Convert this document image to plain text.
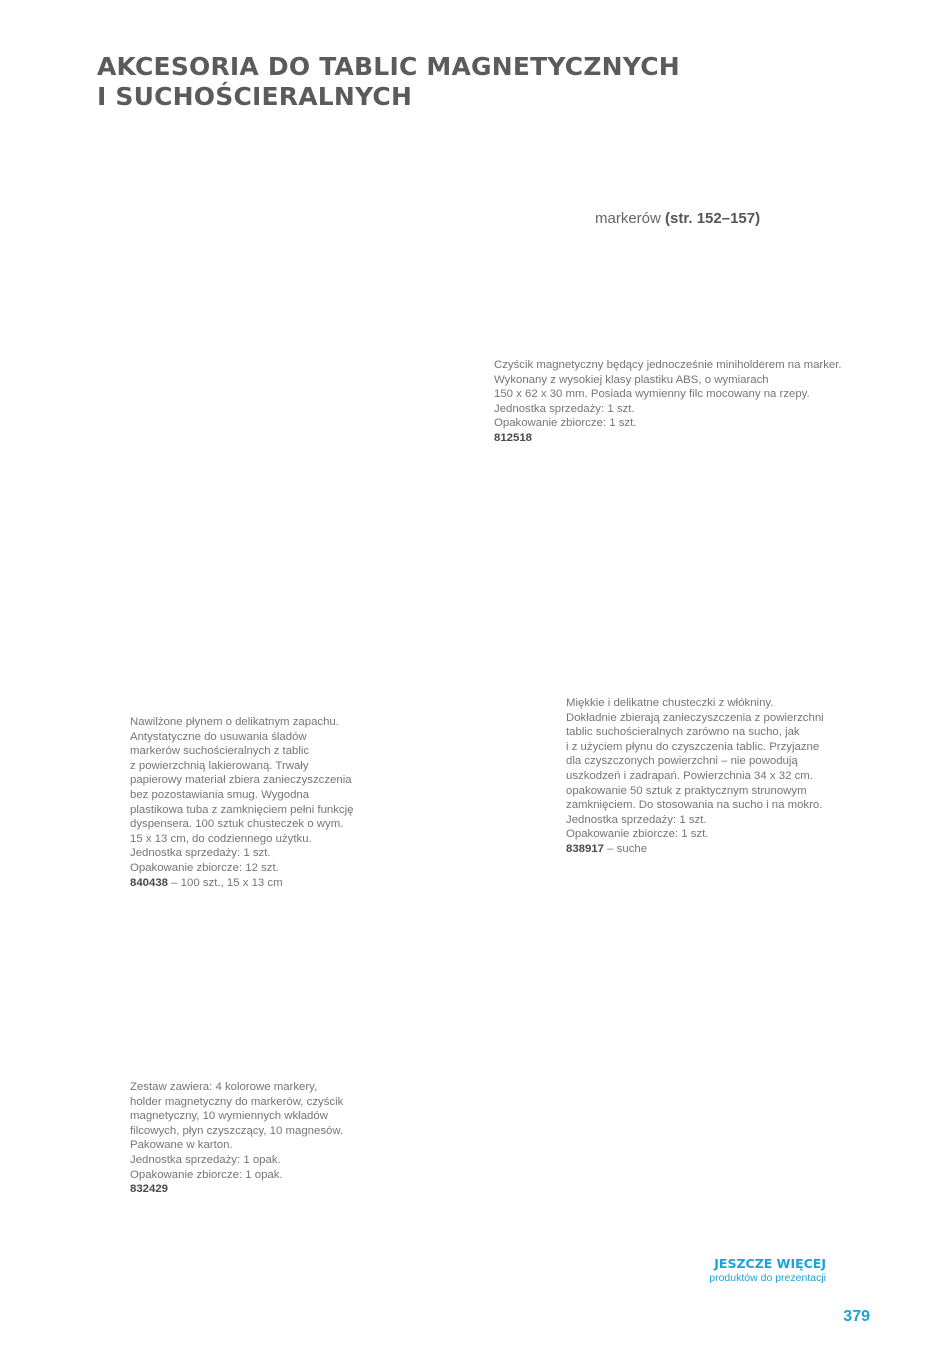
AKCESORIA DO TABLIC MAGNETYCZNYCH
I SUCHOŚCIERALNYCH
markerów (str. 152–157)
Czyścik magnetyczny będący jednocześnie miniholderem na marker.
Wykonany z wysokiej klasy plastiku ABS, o wymiarach
150 x 62 x 30 mm. Posiada wymienny filc mocowany na rzepy.
Jednostka sprzedaży: 1 szt.
Opakowanie zbiorcze: 1 szt.
812518
Nawilżone płynem o delikatnym zapachu.
Antystatyczne do usuwania śladów
markerów suchościeralnych z tablic
z powierzchnią lakierowaną. Trwały
papierowy materiał zbiera zanieczyszczenia
bez pozostawiania smug. Wygodna
plastikowa tuba z zamknięciem pełni funkcję
dyspensera. 100 sztuk chusteczek o wym.
15 x 13 cm, do codziennego użytku.
Jednostka sprzedaży: 1 szt.
Opakowanie zbiorcze: 12 szt.
840438 – 100 szt., 15 x 13 cm
Miękkie i delikatne chusteczki z włókniny.
Dokładnie zbierają zanieczyszczenia z powierzchni
tablic suchościeralnych zarówno na sucho, jak
i z użyciem płynu do czyszczenia tablic. Przyjazne
dla czyszczonych powierzchni – nie powodują
uszkodzeń i zadrapań. Powierzchnia 34 x 32 cm.
opakowanie 50 sztuk z praktycznym strunowym
zamknięciem. Do stosowania na sucho i na mokro.
Jednostka sprzedaży: 1 szt.
Opakowanie zbiorcze: 1 szt.
838917 – suche
Zestaw zawiera: 4 kolorowe markery,
holder magnetyczny do markerów, czyścik
magnetyczny, 10 wymiennych wkładów
filcowych, płyn czyszczący, 10 magnesów.
Pakowane w karton.
Jednostka sprzedaży: 1 opak.
Opakowanie zbiorcze: 1 opak.
832429
JESZCZE WIĘCEJ
produktów do prezentacji
379
